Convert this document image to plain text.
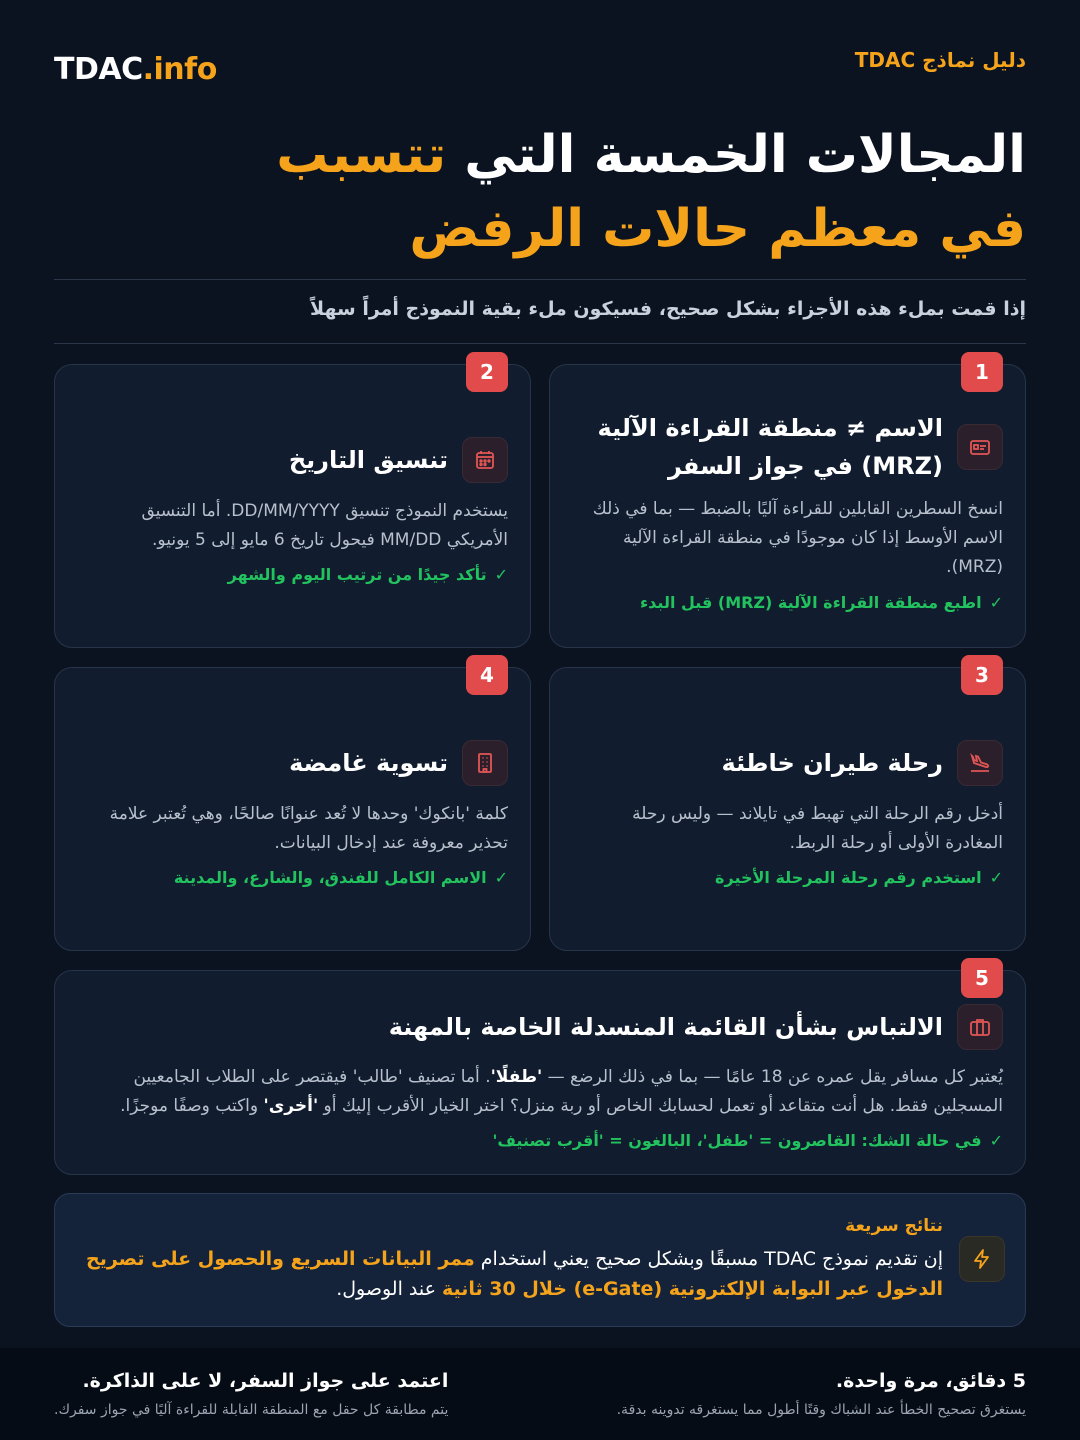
دليل نماذج TDAC
TDAC.info
المجالات الخمسة التي تتسبب
في معظم حالات الرفض
إذا قمت بملء هذه الأجزاء بشكل صحيح، فسيكون ملء بقية النموذج أمراً سهلاً
1
الاسم ≠ منطقة القراءة الآلية
(MRZ) في جواز السفر
انسخ السطرين القابلين للقراءة آليًا بالضبط — بما في ذلك الاسم الأوسط إذا كان موجودًا في منطقة القراءة الآلية (MRZ).
✓
اطبع منطقة القراءة الآلية (MRZ) قبل البدء
2
تنسيق التاريخ
يستخدم النموذج تنسيق DD/MM/YYYY. أما التنسيق الأمريكي MM/DD فيحول تاريخ 6 مايو إلى 5 يونيو.
✓
تأكد جيدًا من ترتيب اليوم والشهر
3
رحلة طيران خاطئة
أدخل رقم الرحلة التي تهبط في تايلاند — وليس رحلة المغادرة الأولى أو رحلة الربط.
✓
استخدم رقم رحلة المرحلة الأخيرة
4
تسوية غامضة
كلمة 'بانكوك' وحدها لا تُعد عنوانًا صالحًا، وهي تُعتبر علامة تحذير معروفة عند إدخال البيانات.
✓
الاسم الكامل للفندق، والشارع، والمدينة
5
الالتباس بشأن القائمة المنسدلة الخاصة بالمهنة
يُعتبر كل مسافر يقل عمره عن 18 عامًا — بما في ذلك الرضع — 'طفلًا'. أما تصنيف 'طالب' فيقتصر على الطلاب الجامعيين المسجلين فقط. هل أنت متقاعد أو تعمل لحسابك الخاص أو ربة منزل؟ اختر الخيار الأقرب إليك أو 'أخرى' واكتب وصفًا موجزًا.
✓
في حالة الشك: القاصرون = 'طفل'، البالغون = 'أقرب تصنيف'
نتائج سريعة
إن تقديم نموذج TDAC مسبقًا وبشكل صحيح يعني استخدام ممر البيانات السريع والحصول على تصريح الدخول عبر البوابة الإلكترونية (e-Gate) خلال 30 ثانية عند الوصول.
5 دقائق، مرة واحدة.
يستغرق تصحيح الخطأ عند الشباك وقتًا أطول مما يستغرقه تدوينه بدقة.
اعتمد على جواز السفر، لا على الذاكرة.
يتم مطابقة كل حقل مع المنطقة القابلة للقراءة آليًا في جواز سفرك.
